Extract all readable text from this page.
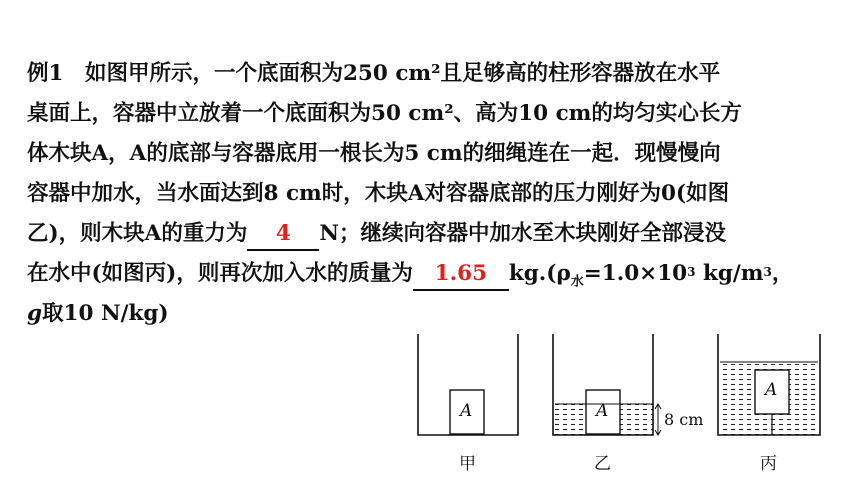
例1　如图甲所示，一个底面积为250 cm²且足够高的柱形容器放在水平
桌面上，容器中立放着一个底面积为50 cm²、高为10 cm的均匀实心长方
体木块A，A的底部与容器底用一根长为5 cm的细绳连在一起．现慢慢向
容器中加水，当水面达到8 cm时，木块A对容器底部的压力刚好为0(如图
乙)，则木块A的重力为 4 N；继续向容器中加水至木块刚好全部浸没
在水中(如图丙)，则再次加入水的质量为 1.65 $kg.(\rho_水=1.0\times 10^3$ $kg/m^3$，
g取10 N/kg)
A	A
A
8 cm
甲	乙	丙
